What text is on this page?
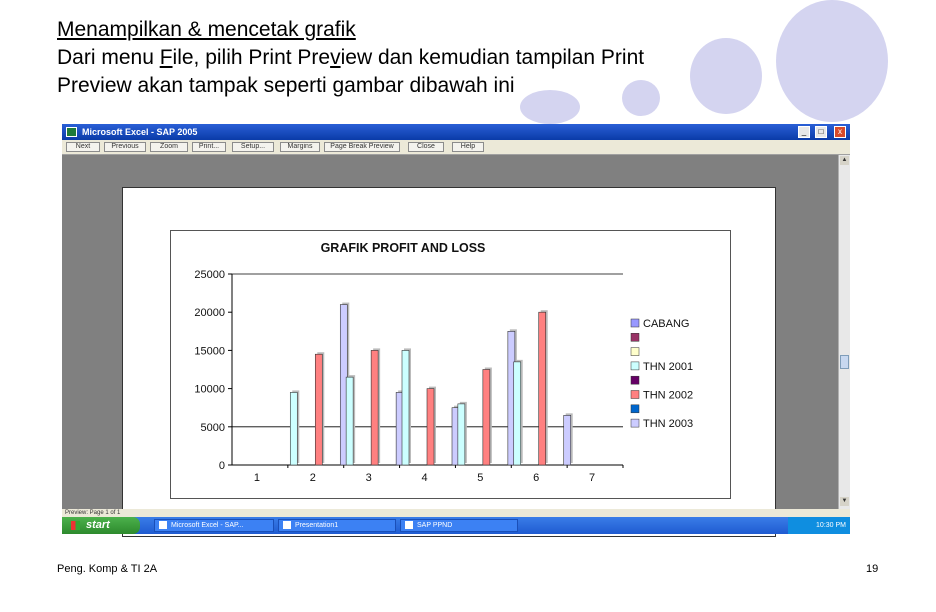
Menampilkan & mencetak grafik
Dari menu File, pilih Print Preview dan kemudian tampilan Print
Preview akan tampak seperti gambar dibawah ini
Microsoft Excel - SAP 2005	_	□	x
Next	Previous	Zoom	Print...	Setup...	Margins	Page Break Preview	Close	Help
GRAFIK PROFIT AND LOSS
25000
20000
15000
10000
5000
0
1	2	3	4	5	6	7
CABANG
THN 2001
THN 2002
THN 2003
▲
▼
Preview: Page 1 of 1
start	Microsoft Excel - SAP...	Presentation1	SAP PPND	10:30 PM
Peng. Komp & TI 2A	19
